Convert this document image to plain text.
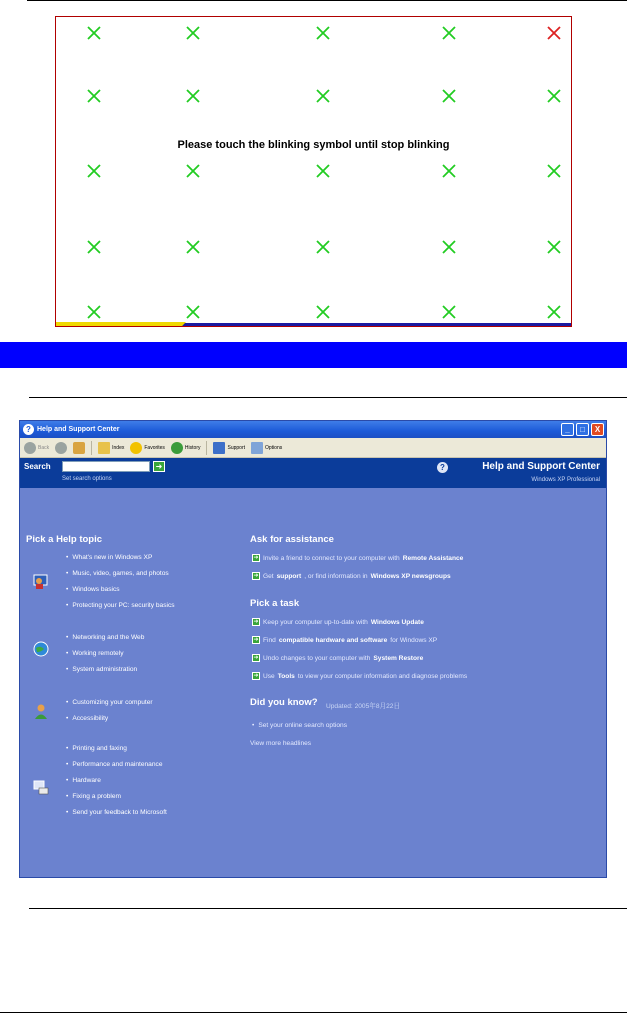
Please touch the blinking symbol until stop blinking
? Help and Support Center	_	□	X
Back	Index	Favorites	History	Support	Options
Search	➜
Set search options
?	Help and Support Center
Windows XP Professional
Pick a Help topic
• What's new in Windows XP
• Music, video, games, and photos
• Windows basics
• Protecting your PC: security basics
• Networking and the Web
• Working remotely
• System administration
• Customizing your computer
• Accessibility
• Printing and faxing
• Performance and maintenance
• Hardware
• Fixing a problem
• Send your feedback to Microsoft
Ask for assistance
➜ Invite a friend to connect to your computer with Remote Assistance
➜ Get support , or find information in Windows XP newsgroups
Pick a task
➜ Keep your computer up-to-date with Windows Update
➜ Find compatible hardware and software for Windows XP
➜ Undo changes to your computer with System Restore
➜ Use Tools to view your computer information and diagnose problems
Did you know? Updated: 2005年8月22日
• Set your online search options
View more headlines
